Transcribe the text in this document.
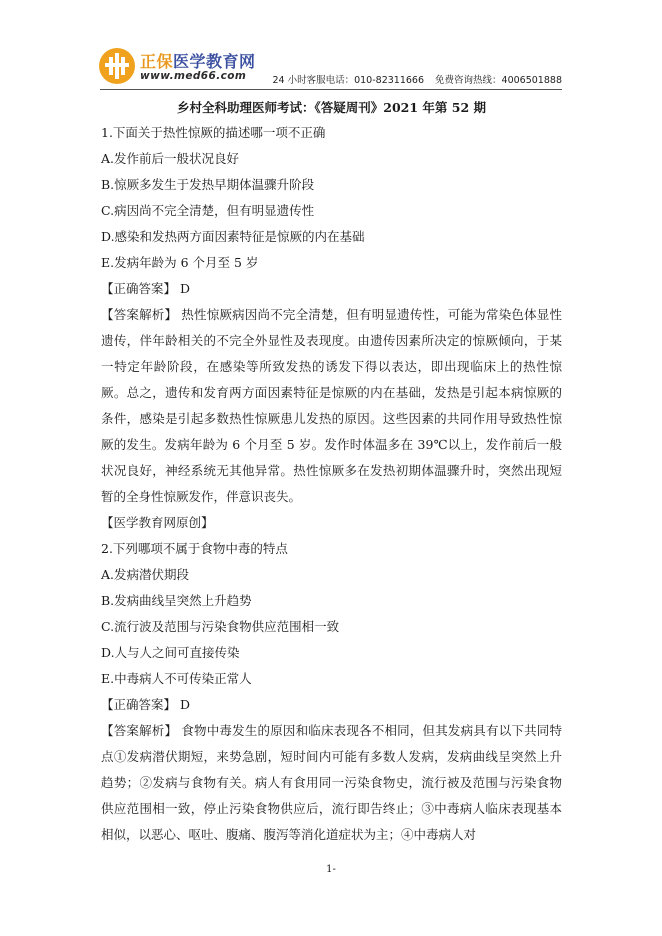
正保医学教育网
www.med66.com	24 小时客服电话：010-82311666 免费咨询热线：4006501888
乡村全科助理医师考试：《答疑周刊》2021 年第 52 期
1.下面关于热性惊厥的描述哪一项不正确
A.发作前后一般状况良好
B.惊厥多发生于发热早期体温骤升阶段
C.病因尚不完全清楚，但有明显遗传性
D.感染和发热两方面因素特征是惊厥的内在基础
E.发病年龄为 6 个月至 5 岁
【正确答案】 D

【答案解析】 热性惊厥病因尚不完全清楚，但有明显遗传性，可能为常染色体显性遗传，伴年龄相关的不完全外显性及表现度。由遗传因素所决定的惊厥倾向，于某一特定年龄阶段，在感染等所致发热的诱发下得以表达，即出现临床上的热性惊厥。总之，遗传和发育两方面因素特征是惊厥的内在基础，发热是引起本病惊厥的条件，感染是引起多数热性惊厥患儿发热的原因。这些因素的共同作用导致热性惊厥的发生。发病年龄为 6 个月至 5 岁。发作时体温多在 39℃以上，发作前后一般状况良好，神经系统无其他异常。热性惊厥多在发热初期体温骤升时，突然出现短暂的全身性惊厥发作，伴意识丧失。

【医学教育网原创】
2.下列哪项不属于食物中毒的特点
A.发病潜伏期段
B.发病曲线呈突然上升趋势
C.流行波及范围与污染食物供应范围相一致
D.人与人之间可直接传染
E.中毒病人不可传染正常人
【正确答案】 D

【答案解析】 食物中毒发生的原因和临床表现各不相同，但其发病具有以下共同特点①发病潜伏期短，来势急剧，短时间内可能有多数人发病，发病曲线呈突然上升趋势；②发病与食物有关。病人有食用同一污染食物史，流行被及范围与污染食物供应范围相一致，停止污染食物供应后，流行即告终止；③中毒病人临床表现基本相似，以恶心、呕吐、腹痛、腹泻等消化道症状为主；④中毒病人对

1-
